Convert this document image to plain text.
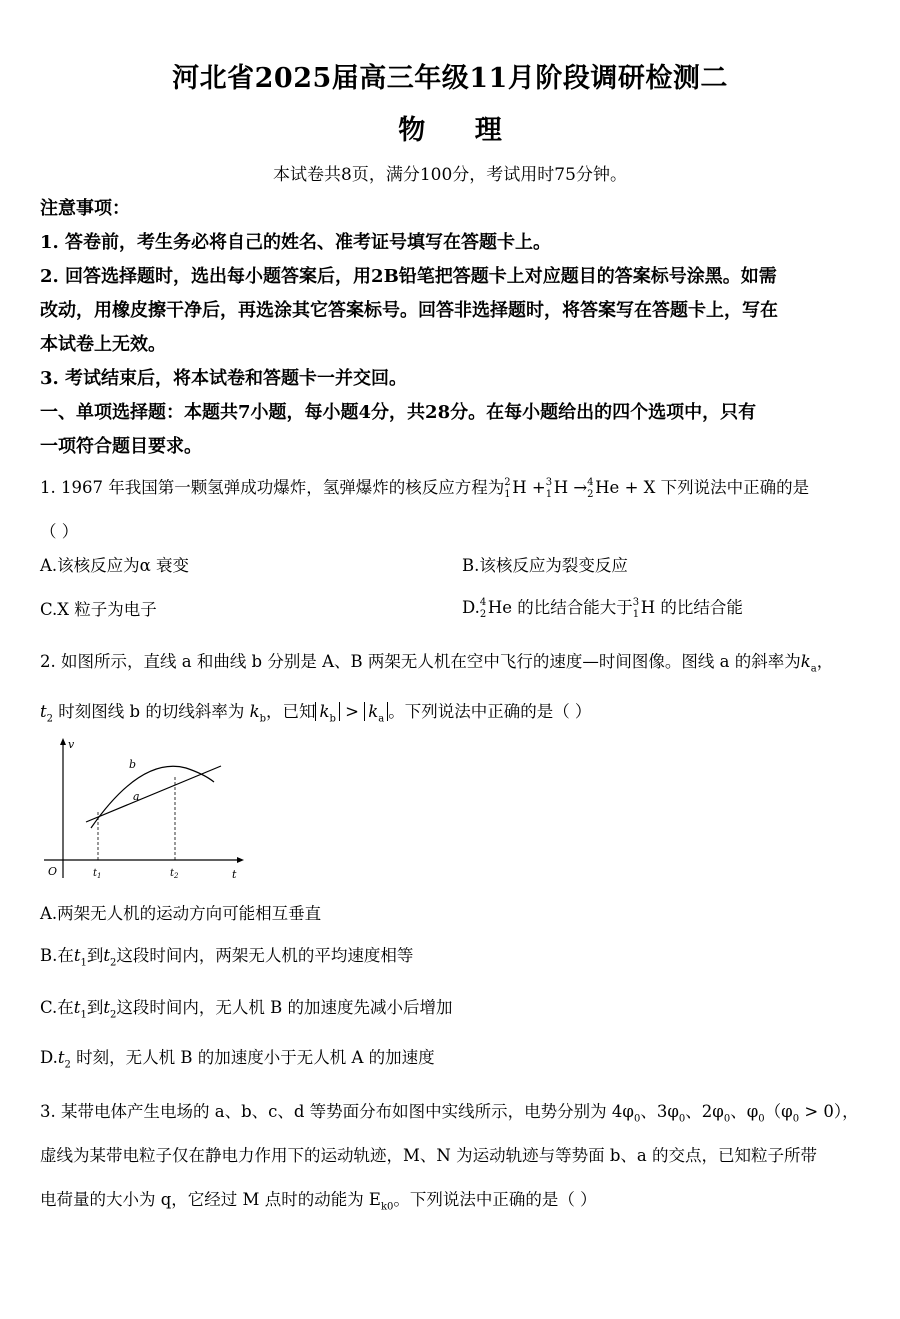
河北省2025届高三年级11月阶段调研检测二
物 理
本试卷共8页，满分100分，考试用时75分钟。
注意事项：
1. 答卷前，考生务必将自己的姓名、准考证号填写在答题卡上。
2. 回答选择题时，选出每小题答案后，用2B铅笔把答题卡上对应题目的答案标号涂黑。如需
改动，用橡皮擦干净后，再选涂其它答案标号。回答非选择题时，将答案写在答题卡上，写在
本试卷上无效。
3. 考试结束后，将本试卷和答题卡一并交回。
一、单项选择题：本题共7小题，每小题4分，共28分。在每小题给出的四个选项中，只有
一项符合题目要求。
1. 1967 年我国第一颗氢弹成功爆炸，氢弹爆炸的核反应方程为 2
1 H + 3
1 H → 4
2 He + X 下列说法中正确的是
（ ）
A.该核反应为α 衰变	B.该核反应为裂变反应
C.X 粒子为电子	D. 4
2 He 的比结合能大于 3
1 H 的比结合能
2. 如图所示，直线 a 和曲线 b 分别是 A、B 两架无人机在空中飞行的速度—时间图像。图线 a 的斜率为$k_a$，
$t_2$ 时刻图线 b 的切线斜率为 $k_b$，已知 $k_b > k_a$ 。下列说法中正确的是（ ）
v
t
O
a
b
$t_1$	$t_2$
A.两架无人机的运动方向可能相互垂直
B.在$t_1$到$t_2$这段时间内，两架无人机的平均速度相等
C.在$t_1$到$t_2$这段时间内，无人机 B 的加速度先减小后增加
$D.t_2$ 时刻，无人机 B 的加速度小于无人机 A 的加速度
3. 某带电体产生电场的 a、b、c、d 等势面分布如图中实线所示，电势分别为 $4\varphi_0$、$3\varphi_0$、$2\varphi_0$、$\varphi_0(\varphi_0 > 0)$，
虚线为某带电粒子仅在静电力作用下的运动轨迹，M、N 为运动轨迹与等势面 b、a 的交点，已知粒子所带
电荷量的大小为 q，它经过 M 点时的动能为 $E_{k0}$。下列说法中正确的是（ ）
